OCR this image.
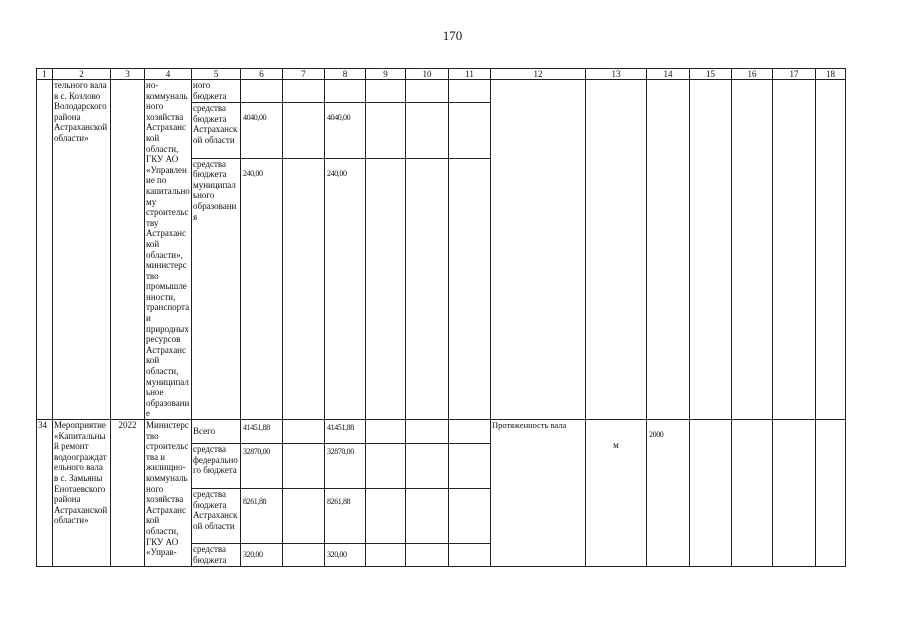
170
1	2	3	4	5	6	7	8	9	10	11	12	13	14	15	16	17	18
	тельного вала в с. Козлово Володарского района Астраханской области»		но-коммунального хозяйства Астраханской области, ГКУ АО «Управление по капитальному строительству Астраханской области», министерство промышленности, транспорта и природных ресурсов Астраханской области, муниципальное образование	ного бюджета													
				средства бюджета Астраханской области	4040,00		4040,00										
				средства бюджета муниципального образования	240,00		240,00										
34	Мероприятие «Капитальный ремонт водоограждательного вала в с. Замьяны Енотаевского района Астраханской области»	2022	Министерство строительства и жилищно-коммунального хозяйства Астраханской области, ГКУ АО «Управ-	Всего	41451,88		41451,88				Протяженность вала	м	2000				
				средства федерального бюджета	32870,00		32870,00										
				средства бюджета Астраханской области	8261,88		8261,88										
				средства бюджета	320,00		320,00										
